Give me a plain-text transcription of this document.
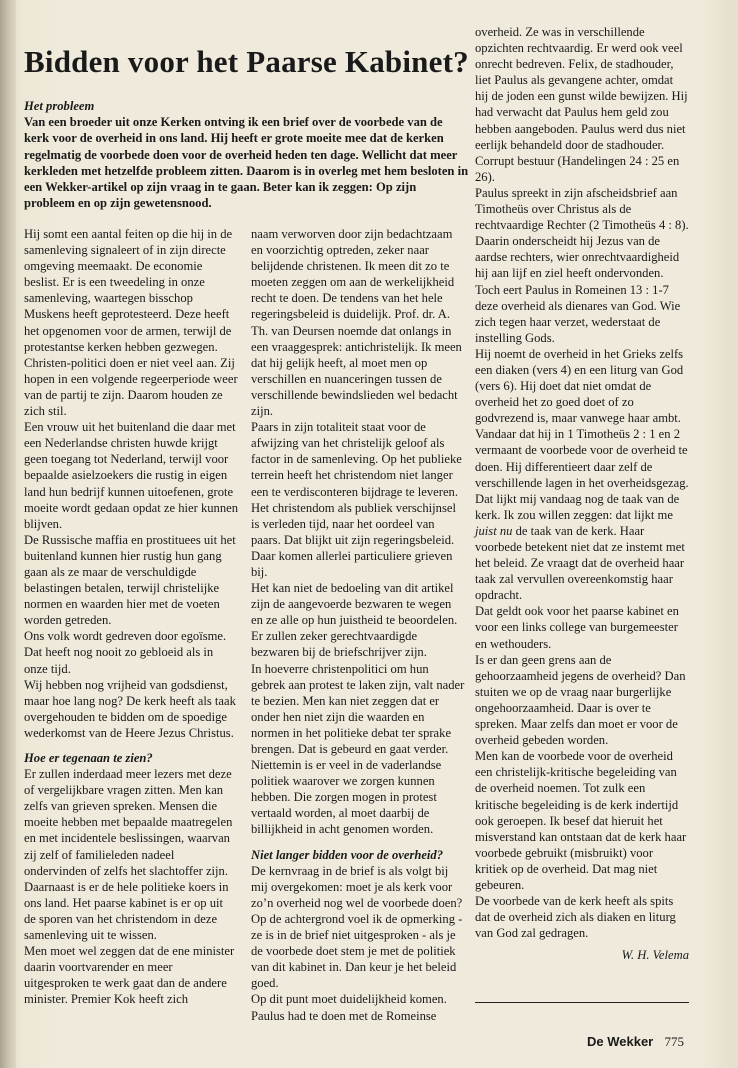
Bidden voor het Paarse Kabinet?
Het probleem

Van een broeder uit onze Kerken ontving ik een brief over de voorbede van de kerk voor de overheid in ons land. Hij heeft er grote moeite mee dat de kerken regelmatig de voorbede doen voor de overheid heden ten dage. Wellicht dat meer kerkleden met hetzelfde probleem zitten. Daarom is in overleg met hem besloten in een Wekker-artikel op zijn vraag in te gaan. Beter kan ik zeggen: Op zijn probleem en op zijn gewetensnood.

Hij somt een aantal feiten op die hij in de samenleving signaleert of in zijn directe omgeving meemaakt. De economie beslist. Er is een tweedeling in onze samenleving, waartegen bisschop Muskens heeft geprotesteerd. Deze heeft het opgenomen voor de armen, terwijl de protestantse kerken hebben gezwegen.

Christen-politici doen er niet veel aan. Zij hopen in een volgende regeerperiode weer van de partij te zijn. Daarom houden ze zich stil.

Een vrouw uit het buitenland die daar met een Nederlandse christen huwde krijgt geen toegang tot Nederland, terwijl voor bepaalde asielzoekers die rustig in eigen land hun bedrijf kunnen uitoefenen, grote moeite wordt gedaan opdat ze hier kunnen blijven.

De Russische maffia en prostituees uit het buitenland kunnen hier rustig hun gang gaan als ze maar de verschuldigde belastingen betalen, terwijl christelijke normen en waarden hier met de voeten worden getreden.

Ons volk wordt gedreven door egoïsme. Dat heeft nog nooit zo gebloeid als in onze tijd.

Wij hebben nog vrijheid van godsdienst, maar hoe lang nog? De kerk heeft als taak overgehouden te bidden om de spoedige wederkomst van de Heere Jezus Christus.

Hoe er tegenaan te zien?

Er zullen inderdaad meer lezers met deze of vergelijkbare vragen zitten. Men kan zelfs van grieven spreken. Mensen die moeite hebben met bepaalde maatregelen en met incidentele beslissingen, waarvan zij zelf of familieleden nadeel ondervinden of zelfs het slachtoffer zijn.

Daarnaast is er de hele politieke koers in ons land. Het paarse kabinet is er op uit de sporen van het christendom in deze samenleving uit te wissen.

Men moet wel zeggen dat de ene minister daarin voortvarender en meer uitgesproken te werk gaat dan de andere minister. Premier Kok heeft zich

naam verworven door zijn bedachtzaam en voorzichtig optreden, zeker naar belijdende christenen. Ik meen dit zo te moeten zeggen om aan de werkelijkheid recht te doen. De tendens van het hele regeringsbeleid is duidelijk. Prof. dr. A. Th. van Deursen noemde dat onlangs in een vraaggesprek: antichristelijk. Ik meen dat hij gelijk heeft, al moet men op verschillen en nuanceringen tussen de verschillende bewindslieden wel bedacht zijn.

Paars in zijn totaliteit staat voor de afwijzing van het christelijk geloof als factor in de samenleving. Op het publieke terrein heeft het christendom niet langer een te verdisconteren bijdrage te leveren. Het christendom als publiek verschijnsel is verleden tijd, naar het oordeel van paars. Dat blijkt uit zijn regeringsbeleid.

Daar komen allerlei particuliere grieven bij.

Het kan niet de bedoeling van dit artikel zijn de aangevoerde bezwaren te wegen en ze alle op hun juistheid te beoordelen. Er zullen zeker gerechtvaardigde bezwaren bij de briefschrijver zijn.

In hoeverre christenpolitici om hun gebrek aan protest te laken zijn, valt nader te bezien. Men kan niet zeggen dat er onder hen niet zijn die waarden en normen in het politieke debat ter sprake brengen. Dat is gebeurd en gaat verder. Niettemin is er veel in de vaderlandse politiek waarover we zorgen kunnen hebben. Die zorgen mogen in protest vertaald worden, al moet daarbij de billijkheid in acht genomen worden.

Niet langer bidden voor de overheid?

De kernvraag in de brief is als volgt bij mij overgekomen: moet je als kerk voor zo’n overheid nog wel de voorbede doen? Op de achtergrond voel ik de opmerking - ze is in de brief niet uitgesproken - als je de voorbede doet stem je met de politiek van dit kabinet in. Dan keur je het beleid goed.

Op dit punt moet duidelijkheid komen. Paulus had te doen met de Romeinse

overheid. Ze was in verschillende opzichten rechtvaardig. Er werd ook veel onrecht bedreven. Felix, de stadhouder, liet Paulus als gevangene achter, omdat hij de joden een gunst wilde bewijzen. Hij had verwacht dat Paulus hem geld zou hebben aangeboden. Paulus werd dus niet eerlijk behandeld door de stadhouder. Corrupt bestuur (Handelingen 24 : 25 en 26).

Paulus spreekt in zijn afscheidsbrief aan Timotheüs over Christus als de rechtvaardige Rechter (2 Timotheüs 4 : 8). Daarin onderscheidt hij Jezus van de aardse rechters, wier onrechtvaardigheid hij aan lijf en ziel heeft ondervonden.

Toch eert Paulus in Romeinen 13 : 1-7 deze overheid als dienares van God. Wie zich tegen haar verzet, wederstaat de instelling Gods.

Hij noemt de overheid in het Grieks zelfs een diaken (vers 4) en een liturg van God (vers 6). Hij doet dat niet omdat de overheid het zo goed doet of zo godvrezend is, maar vanwege haar ambt.

Vandaar dat hij in 1 Timotheüs 2 : 1 en 2 vermaant de voorbede voor de overheid te doen. Hij differentieert daar zelf de verschillende lagen in het overheidsgezag.

Dat lijkt mij vandaag nog de taak van de kerk. Ik zou willen zeggen: dat lijkt me juist nu de taak van de kerk. Haar voorbede betekent niet dat ze instemt met het beleid. Ze vraagt dat de overheid haar taak zal vervullen overeenkomstig haar opdracht.

Dat geldt ook voor het paarse kabinet en voor een links college van burgemeester en wethouders.

Is er dan geen grens aan de gehoorzaamheid jegens de overheid? Dan stuiten we op de vraag naar burgerlijke ongehoorzaamheid. Daar is over te spreken. Maar zelfs dan moet er voor de overheid gebeden worden.

Men kan de voorbede voor de overheid een christelijk-kritische begeleiding van de overheid noemen. Tot zulk een kritische begeleiding is de kerk indertijd ook geroepen. Ik besef dat hieruit het misverstand kan ontstaan dat de kerk haar voorbede gebruikt (misbruikt) voor kritiek op de overheid. Dat mag niet gebeuren.

De voorbede van de kerk heeft als spits dat de overheid zich als diaken en liturg van God zal gedragen.

W. H. Velema

De Wekker 775
